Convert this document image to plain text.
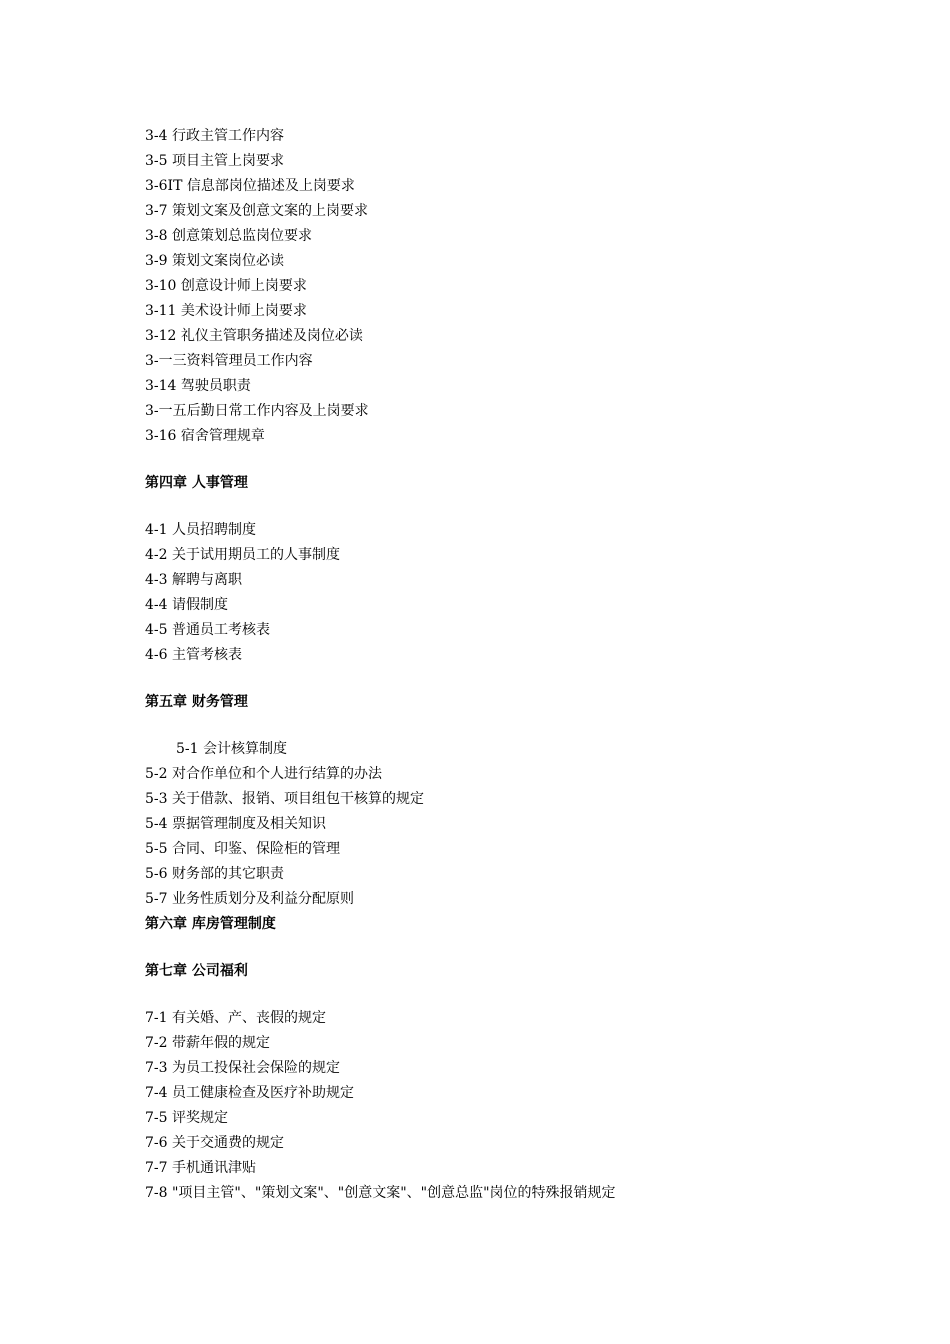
3-4 行政主管工作内容
3-5 项目主管上岗要求
3-6IT 信息部岗位描述及上岗要求
3-7 策划文案及创意文案的上岗要求
3-8 创意策划总监岗位要求
3-9 策划文案岗位必读
3-10 创意设计师上岗要求
3-11 美术设计师上岗要求
3-12 礼仪主管职务描述及岗位必读
3-一三资料管理员工作内容
3-14 驾驶员职责
3-一五后勤日常工作内容及上岗要求
3-16 宿舍管理规章
第四章 人事管理
4-1 人员招聘制度
4-2 关于试用期员工的人事制度
4-3 解聘与离职
4-4 请假制度
4-5 普通员工考核表
4-6 主管考核表
第五章 财务管理
5-1 会计核算制度
5-2 对合作单位和个人进行结算的办法
5-3 关于借款、报销、项目组包干核算的规定
5-4 票据管理制度及相关知识
5-5 合同、印鉴、保险柜的管理
5-6 财务部的其它职责
5-7 业务性质划分及利益分配原则
第六章 库房管理制度
第七章 公司福利
7-1 有关婚、产、丧假的规定
7-2 带薪年假的规定
7-3 为员工投保社会保险的规定
7-4 员工健康检查及医疗补助规定
7-5 评奖规定
7-6 关于交通费的规定
7-7 手机通讯津贴
7-8 "项目主管"、"策划文案"、"创意文案"、"创意总监"岗位的特殊报销规定
